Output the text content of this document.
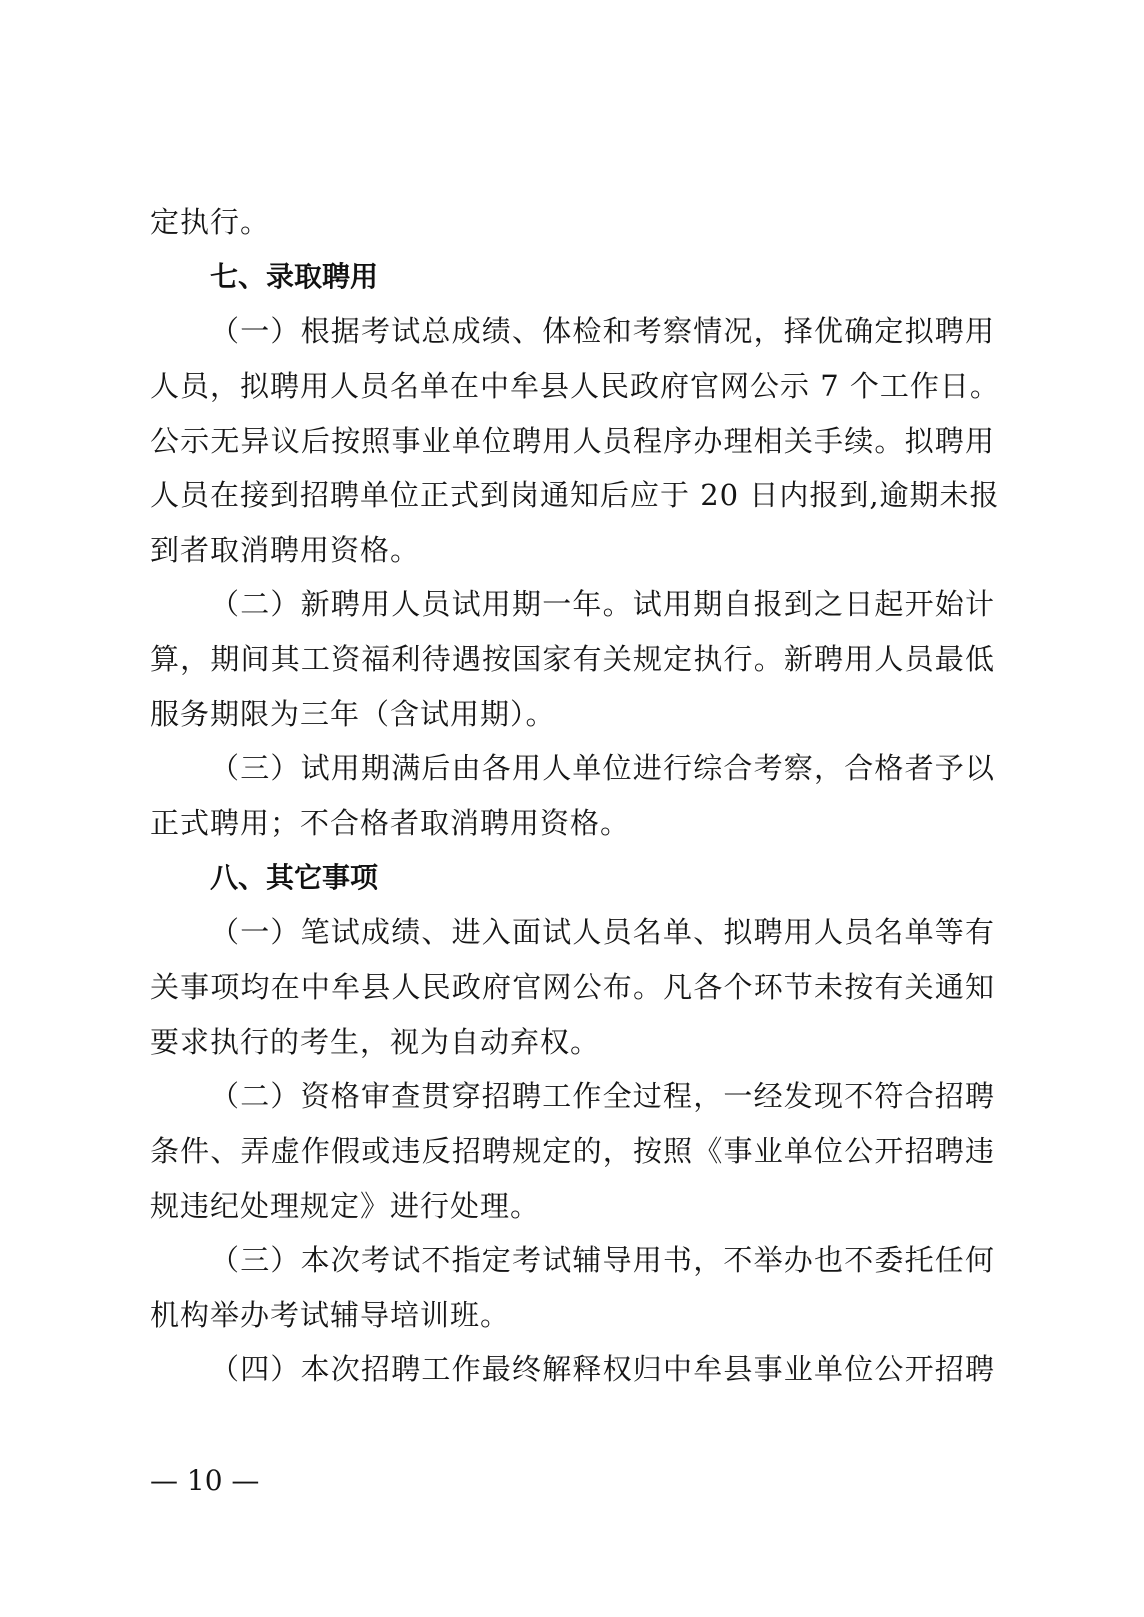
定执行。
七、录取聘用
（一）根据考试总成绩、体检和考察情况，择优确定拟聘用
人员，拟聘用人员名单在中牟县人民政府官网公示 7 个工作日。
公示无异议后按照事业单位聘用人员程序办理相关手续。拟聘用
人员在接到招聘单位正式到岗通知后应于 20 日内报到,逾期未报
到者取消聘用资格。
（二）新聘用人员试用期一年。试用期自报到之日起开始计
算，期间其工资福利待遇按国家有关规定执行。新聘用人员最低
服务期限为三年（含试用期）。
（三）试用期满后由各用人单位进行综合考察，合格者予以
正式聘用；不合格者取消聘用资格。
八、其它事项
（一）笔试成绩、进入面试人员名单、拟聘用人员名单等有
关事项均在中牟县人民政府官网公布。凡各个环节未按有关通知
要求执行的考生，视为自动弃权。
（二）资格审查贯穿招聘工作全过程，一经发现不符合招聘
条件、弄虚作假或违反招聘规定的，按照《事业单位公开招聘违
规违纪处理规定》进行处理。
（三）本次考试不指定考试辅导用书，不举办也不委托任何
机构举办考试辅导培训班。
（四）本次招聘工作最终解释权归中牟县事业单位公开招聘
— 10 —
